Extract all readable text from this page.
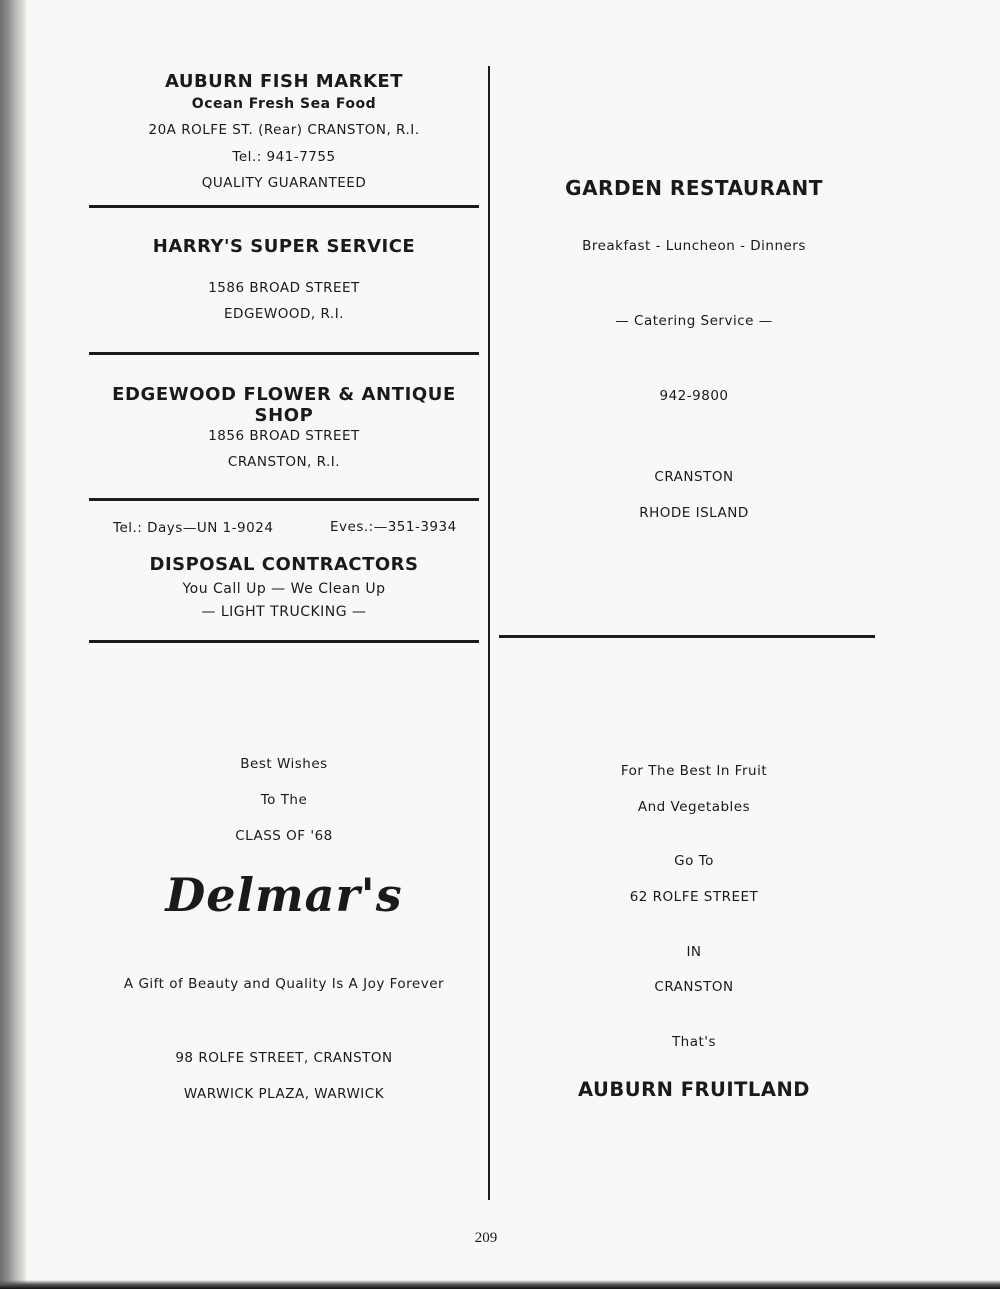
AUBURN FISH MARKET
Ocean Fresh Sea Food
20A ROLFE ST. (Rear) CRANSTON, R.I.
Tel.: 941-7755
QUALITY GUARANTEED
HARRY'S SUPER SERVICE
1586 BROAD STREET
EDGEWOOD, R.I.
EDGEWOOD FLOWER & ANTIQUE SHOP
1856 BROAD STREET
CRANSTON, R.I.
Tel.: Days—UN 1-9024	Eves.:—351-3934
DISPOSAL CONTRACTORS
You Call Up — We Clean Up
— LIGHT TRUCKING —
Best Wishes
To The
CLASS OF '68
Delmar's
A Gift of Beauty and Quality Is A Joy Forever
98 ROLFE STREET, CRANSTON
WARWICK PLAZA, WARWICK
GARDEN RESTAURANT
Breakfast - Luncheon - Dinners
— Catering Service —
942-9800
CRANSTON
RHODE ISLAND
For The Best In Fruit
And Vegetables
Go To
62 ROLFE STREET
IN
CRANSTON
That's
AUBURN FRUITLAND
209
